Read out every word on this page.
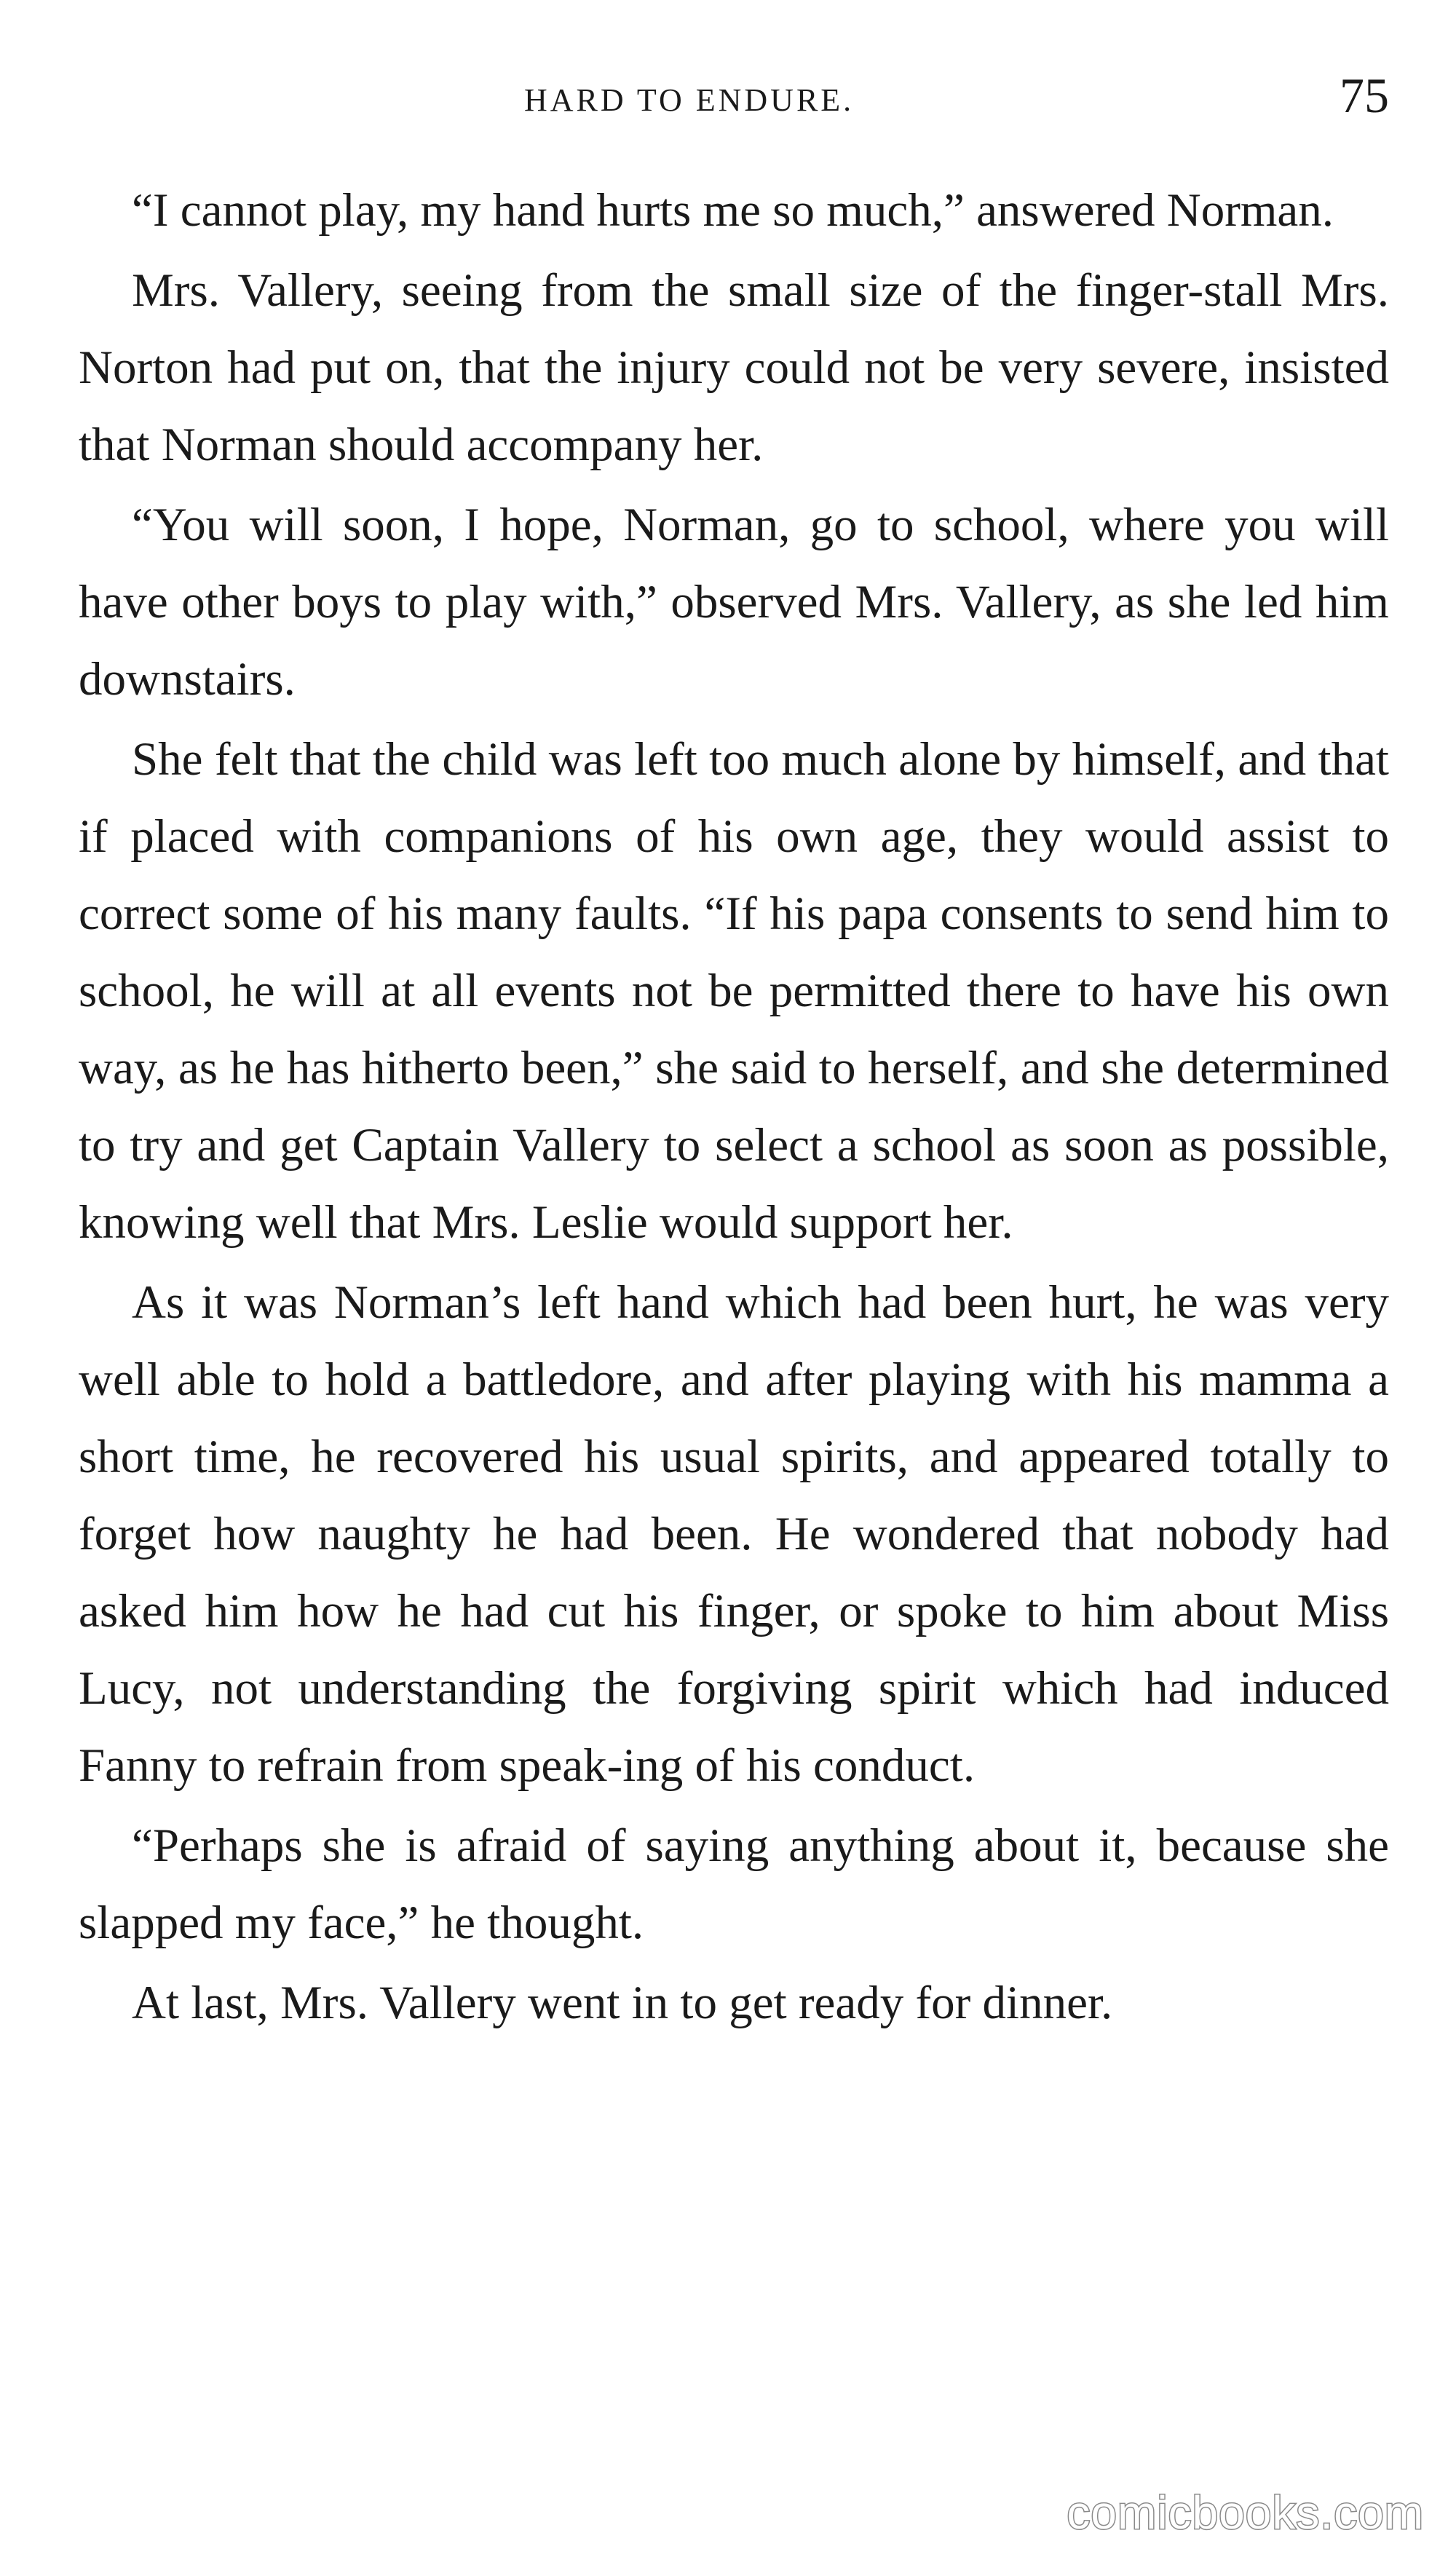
HARD TO ENDURE.	75

“I cannot play, my hand hurts me so much,” answered Norman.

Mrs. Vallery, seeing from the small size of the finger-stall Mrs. Norton had put on, that the injury could not be very severe, insisted that Norman should accompany her.

“You will soon, I hope, Norman, go to school, where you will have other boys to play with,” observed Mrs. Vallery, as she led him downstairs.

She felt that the child was left too much alone by himself, and that if placed with companions of his own age, they would assist to correct some of his many faults. “If his papa consents to send him to school, he will at all events not be permitted there to have his own way, as he has hitherto been,” she said to herself, and she determined to try and get Captain Vallery to select a school as soon as possible, knowing well that Mrs. Leslie would support her.

As it was Norman’s left hand which had been hurt, he was very well able to hold a battledore, and after playing with his mamma a short time, he recovered his usual spirits, and appeared totally to forget how naughty he had been. He wondered that nobody had asked him how he had cut his finger, or spoke to him about Miss Lucy, not understanding the forgiving spirit which had induced Fanny to refrain from speak-ing of his conduct.

“Perhaps she is afraid of saying anything about it, because she slapped my face,” he thought.

At last, Mrs. Vallery went in to get ready for dinner.

comicbooks.com
